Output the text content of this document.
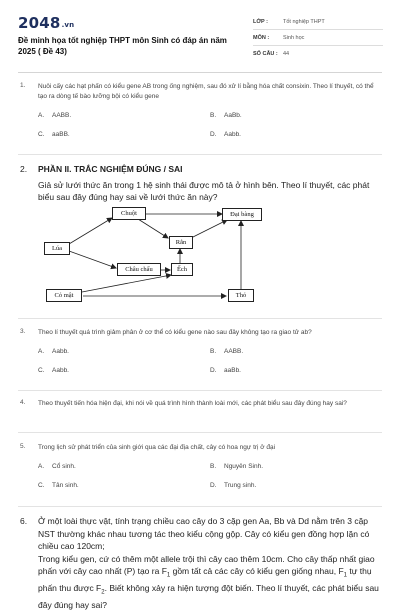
2048.vn
Đề minh họa tốt nghiệp THPT môn Sinh có đáp án năm 2025 ( Đề 43)
LỚP :	Tốt nghiệp THPT
MÔN :	Sinh học
SỐ CÂU : 44
1. Nuôi cấy các hạt phấn có kiểu gene AB trong ống nghiệm, sau đó xử lí bằng hóa chất consixin. Theo lí thuyết, có thể tạo ra dòng tế bào lưỡng bội có kiểu gene
A. AABB.	B. AaBb.
C. aaBB.	D. Aabb.
2. PHẦN II. TRẮC NGHIỆM ĐÚNG / SAI

Giả sử lưới thức ăn trong 1 hệ sinh thái được mô tả ở hình bên. Theo lí thuyết, các phát biểu sau đây đúng hay sai về lưới thức ăn này?

Lúa
Chuột	Đại bàng
Rắn
Châu chấu	Ếch
Cỏ mật	Thỏ
3. Theo lí thuyết quá trình giảm phân ở cơ thể có kiểu gene nào sau đây không tạo ra giao tử ab?
A. Aabb.	B. AABB.
C. Aabb.	D. aaBb.
4. Theo thuyết tiến hóa hiện đại, khi nói về quá trình hình thành loài mới, các phát biểu sau đây đúng hay sai?
5. Trong lịch sử phát triển của sinh giới qua các đại địa chất, cây có hoa ngự trị ở đại
A. Cổ sinh.	B. Nguyên Sinh.
C. Tân sinh.	D. Trung sinh.
6. Ở một loài thực vật, tính trạng chiều cao cây do 3 cặp gen Aa, Bb và Dd nằm trên 3 cặp NST thường khác nhau tương tác theo kiểu cộng gộp. Cây có kiểu gen đồng hợp lặn có chiều cao 120cm;

Trong kiểu gen, cứ có thêm một allele trội thì cây cao thêm 10cm. Cho cây thấp nhất giao phấn với cây cao nhất (P) tạo ra $F_1$ gồm tất cả các cây có kiểu gen giống nhau, $F_1$ tự thụ phấn thu được $F_2$. Biết không xảy ra hiện tượng đột biến. Theo lí thuyết, các phát biểu sau đây đúng hay sai?
